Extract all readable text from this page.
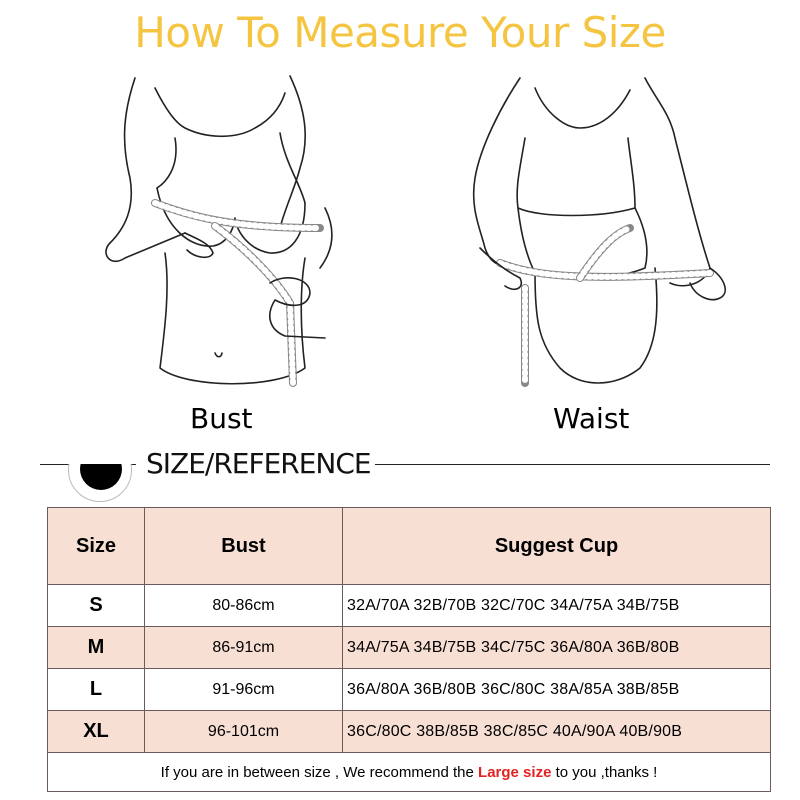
How To Measure Your Size
Bust	Waist
SIZE/REFERENCE
Size	Bust	Suggest Cup
S	80-86cm	32A/70A 32B/70B 32C/70C 34A/75A 34B/75B
M	86-91cm	34A/75A 34B/75B 34C/75C 36A/80A 36B/80B
L	91-96cm	36A/80A 36B/80B 36C/80C 38A/85A 38B/85B
XL	96-101cm	36C/80C 38B/85B 38C/85C 40A/90A 40B/90B
If you are in between size , We recommend the Large size to you ,thanks !		
